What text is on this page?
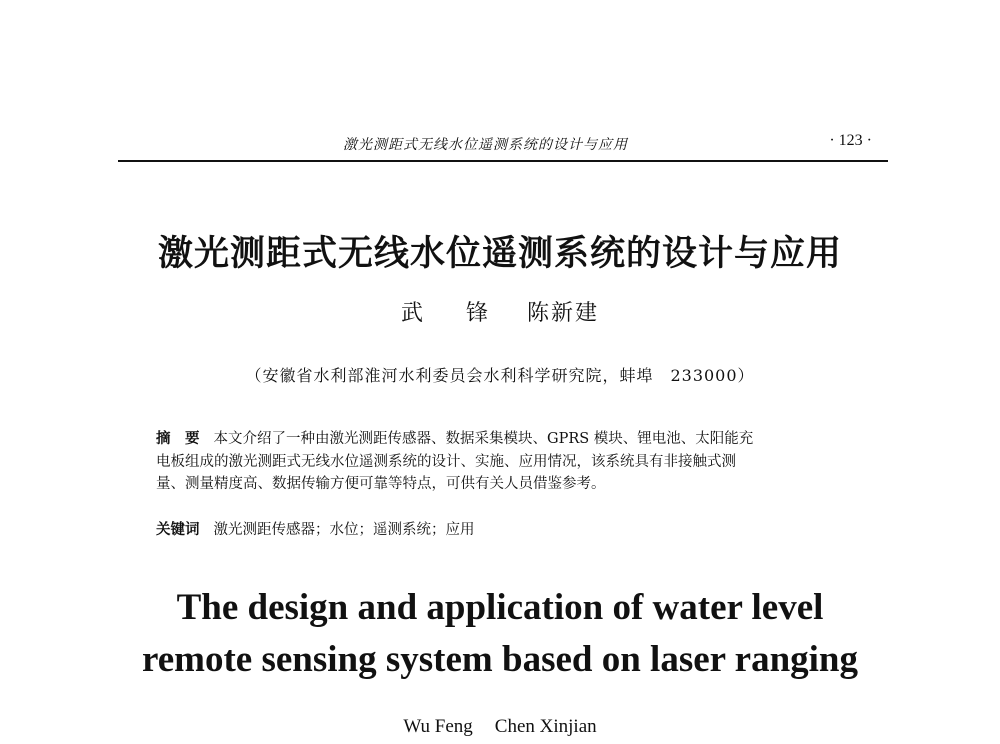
激光测距式无线水位遥测系统的设计与应用	· 123 ·
激光测距式无线水位遥测系统的设计与应用
武 锋 陈新建
（安徽省水利部淮河水利委员会水利科学研究院，蚌埠　233000）
摘　要 本文介绍了一种由激光测距传感器、数据采集模块、GPRS 模块、锂电池、太阳能充
电板组成的激光测距式无线水位遥测系统的设计、实施、应用情况，该系统具有非接触式测
量、测量精度高、数据传输方便可靠等特点，可供有关人员借鉴参考。
关键词 激光测距传感器；水位；遥测系统；应用
The design and application of water level
remote sensing system based on laser ranging
Wu Feng Chen Xinjian
